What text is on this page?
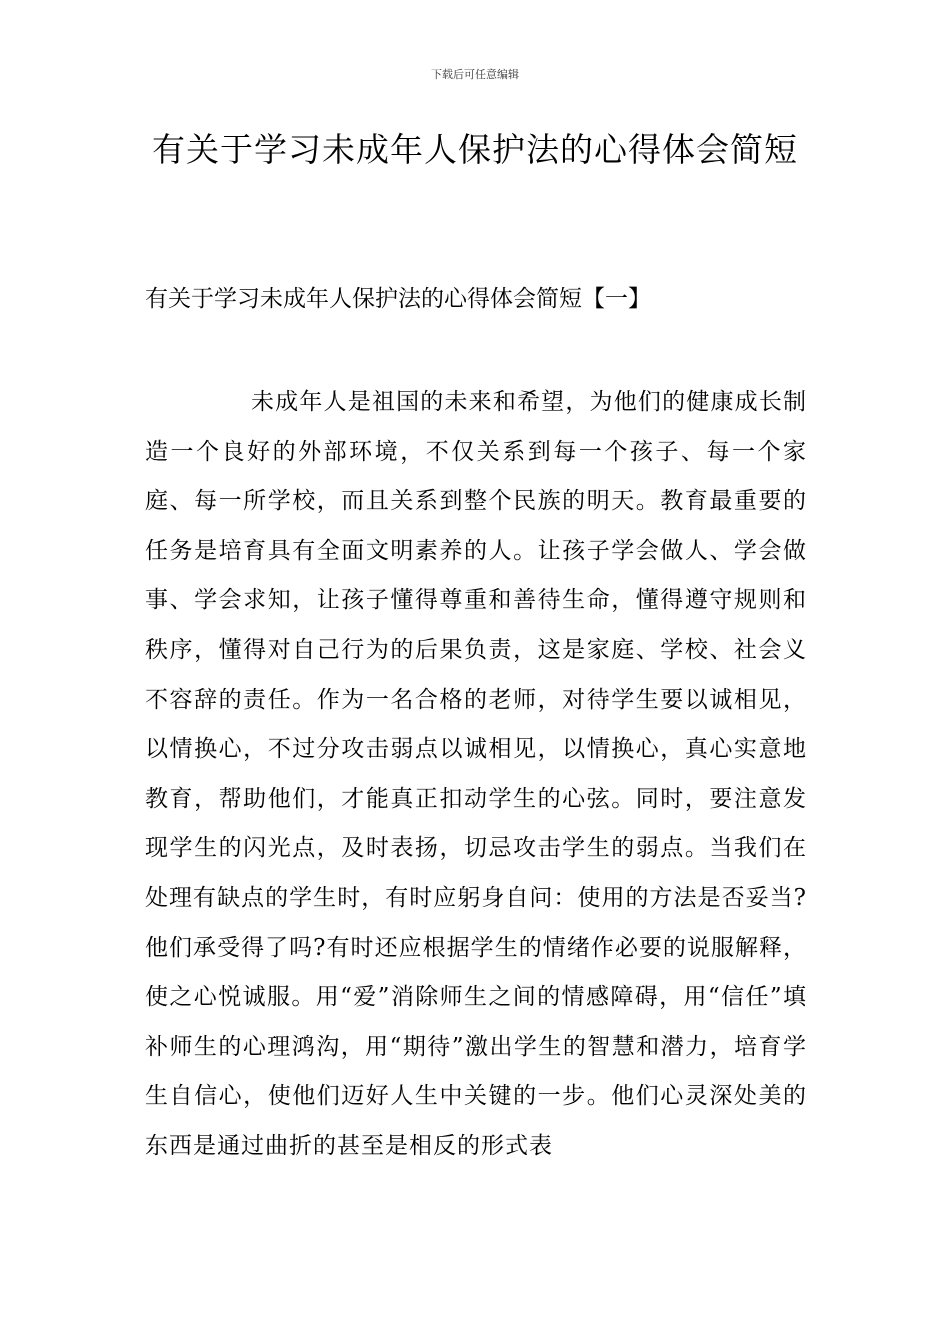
下载后可任意编辑
有关于学习未成年人保护法的心得体会简短
有关于学习未成年人保护法的心得体会简短【一】

未成年人是祖国的未来和希望，为他们的健康成长制造一个良好的外部环境，不仅关系到每一个孩子、每一个家庭、每一所学校，而且关系到整个民族的明天。教育最重要的任务是培育具有全面文明素养的人。让孩子学会做人、学会做事、学会求知，让孩子懂得尊重和善待生命，懂得遵守规则和秩序，懂得对自己行为的后果负责，这是家庭、学校、社会义不容辞的责任。作为一名合格的老师，对待学生要以诚相见，以情换心，不过分攻击弱点以诚相见，以情换心，真心实意地教育，帮助他们，才能真正扣动学生的心弦。同时，要注意发现学生的闪光点，及时表扬，切忌攻击学生的弱点。当我们在处理有缺点的学生时，有时应躬身自问：使用的方法是否妥当?他们承受得了吗?有时还应根据学生的情绪作必要的说服解释，使之心悦诚服。用“爱”消除师生之间的情感障碍，用“信任”填补师生的心理鸿沟，用“期待”激出学生的智慧和潜力，培育学生自信心，使他们迈好人生中关键的一步。他们心灵深处美的东西是通过曲折的甚至是相反的形式表
